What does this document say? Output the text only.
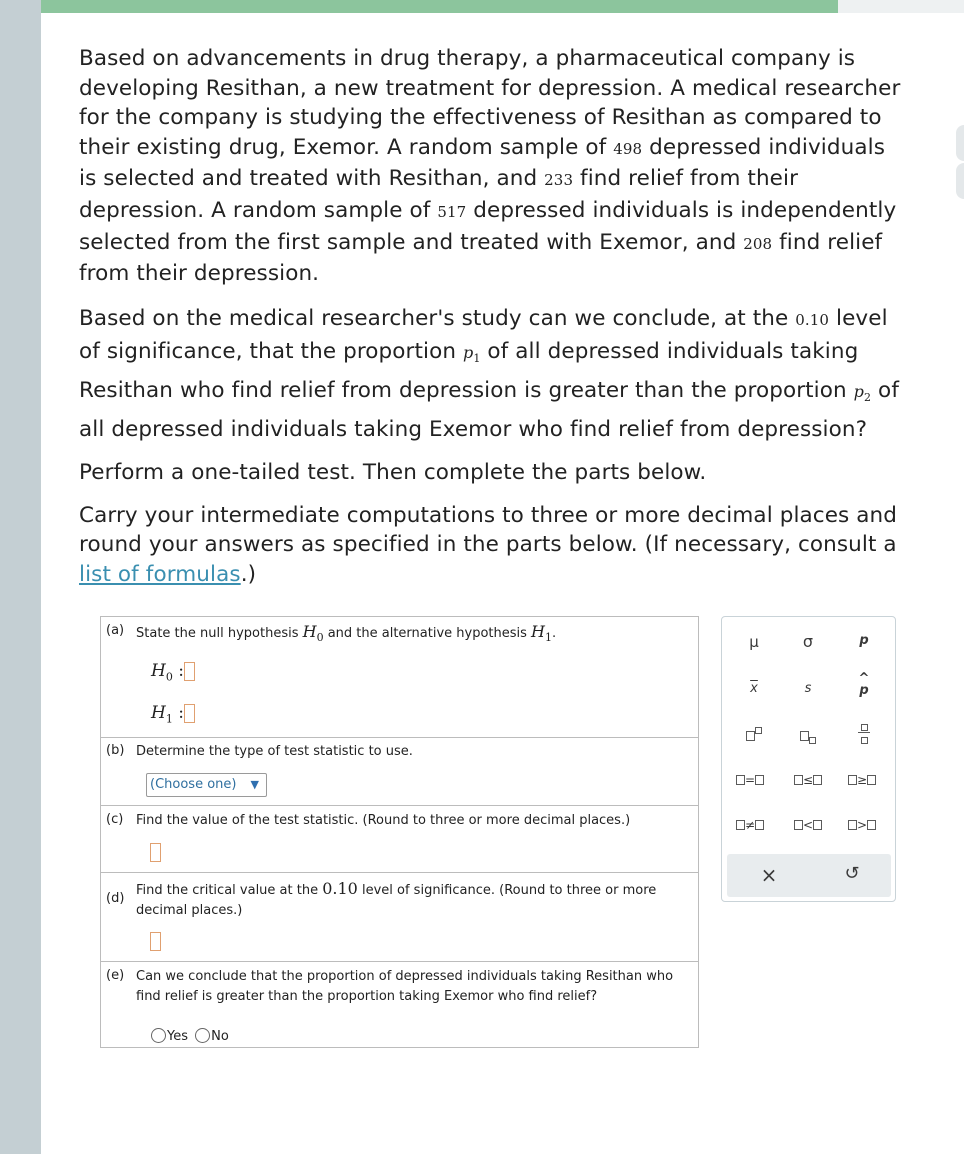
Based on advancements in drug therapy, a pharmaceutical company is developing Resithan, a new treatment for depression. A medical researcher for the company is studying the effectiveness of Resithan as compared to their existing drug, Exemor. A random sample of 498 depressed individuals is selected and treated with Resithan, and 233 find relief from their depression. A random sample of 517 depressed individuals is independently selected from the first sample and treated with Exemor, and 208 find relief from their depression.

Based on the medical researcher's study can we conclude, at the 0.10 level of significance, that the proportion $p_1$ of all depressed individuals taking Resithan who find relief from depression is greater than the proportion $p_2$ of all depressed individuals taking Exemor who find relief from depression?

Perform a one-tailed test. Then complete the parts below.

Carry your intermediate computations to three or more decimal places and round your answers as specified in the parts below. (If necessary, consult a list of formulas.)

(a) State the null hypothesis $H_0$ and the alternative hypothesis $H_1$.
$H_0$ :
$H_1$ :
(b) Determine the type of test statistic to use.
(Choose one) ▼
(c) Find the value of the test statistic. (Round to three or more decimal places.)
(d)
Find the critical value at the 0.10 level of significance. (Round to three or more
decimal places.)
(e) Can we conclude that the proportion of depressed individuals taking Resithan who
find relief is greater than the proportion taking Exemor who find relief?
Yes No
μ	σ	p
$\overline{x}$	s
^
p
=	≤	≥
≠	<	>
×	↺
